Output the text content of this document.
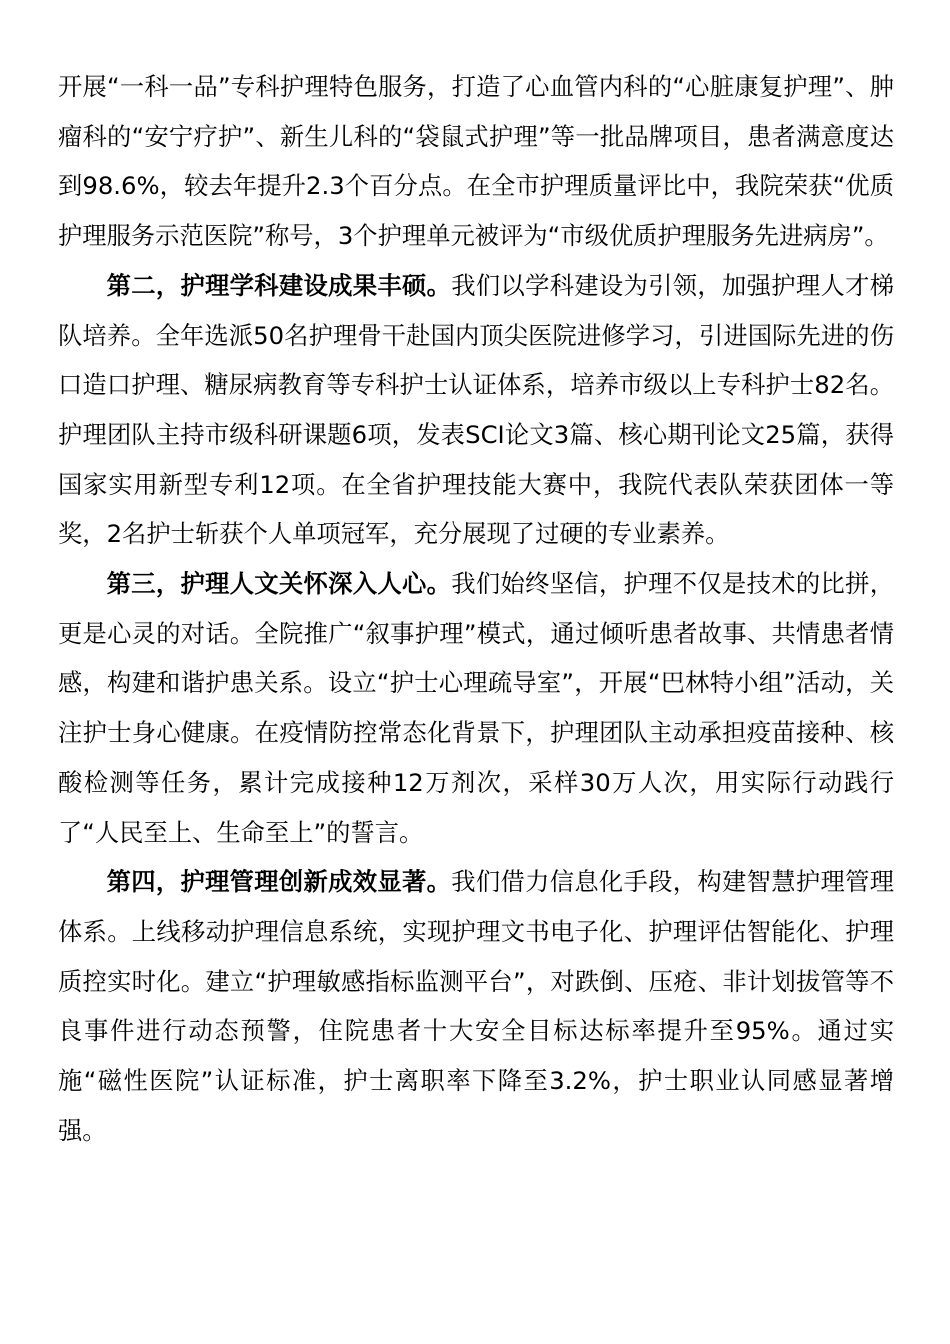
开展“一科一品”专科护理特色服务，打造了心血管内科的“心脏康复护理”、肿瘤科的“安宁疗护”、新生儿科的“袋鼠式护理”等一批品牌项目，患者满意度达到98.6%，较去年提升2.3个百分点。在全市护理质量评比中，我院荣获“优质护理服务示范医院”称号，3个护理单元被评为“市级优质护理服务先进病房”。

第二，护理学科建设成果丰硕。我们以学科建设为引领，加强护理人才梯队培养。全年选派50名护理骨干赴国内顶尖医院进修学习，引进国际先进的伤口造口护理、糖尿病教育等专科护士认证体系，培养市级以上专科护士82名。护理团队主持市级科研课题6项，发表SCI论文3篇、核心期刊论文25篇，获得国家实用新型专利12项。在全省护理技能大赛中，我院代表队荣获团体一等奖，2名护士斩获个人单项冠军，充分展现了过硬的专业素养。

第三，护理人文关怀深入人心。我们始终坚信，护理不仅是技术的比拼，更是心灵的对话。全院推广“叙事护理”模式，通过倾听患者故事、共情患者情感，构建和谐护患关系。设立“护士心理疏导室”，开展“巴林特小组”活动，关注护士身心健康。在疫情防控常态化背景下，护理团队主动承担疫苗接种、核酸检测等任务，累计完成接种12万剂次，采样30万人次，用实际行动践行了“人民至上、生命至上”的誓言。

第四，护理管理创新成效显著。我们借力信息化手段，构建智慧护理管理体系。上线移动护理信息系统，实现护理文书电子化、护理评估智能化、护理质控实时化。建立“护理敏感指标监测平台”，对跌倒、压疮、非计划拔管等不良事件进行动态预警，住院患者十大安全目标达标率提升至95%。通过实施“磁性医院”认证标准，护士离职率下降至3.2%，护士职业认同感显著增强。
